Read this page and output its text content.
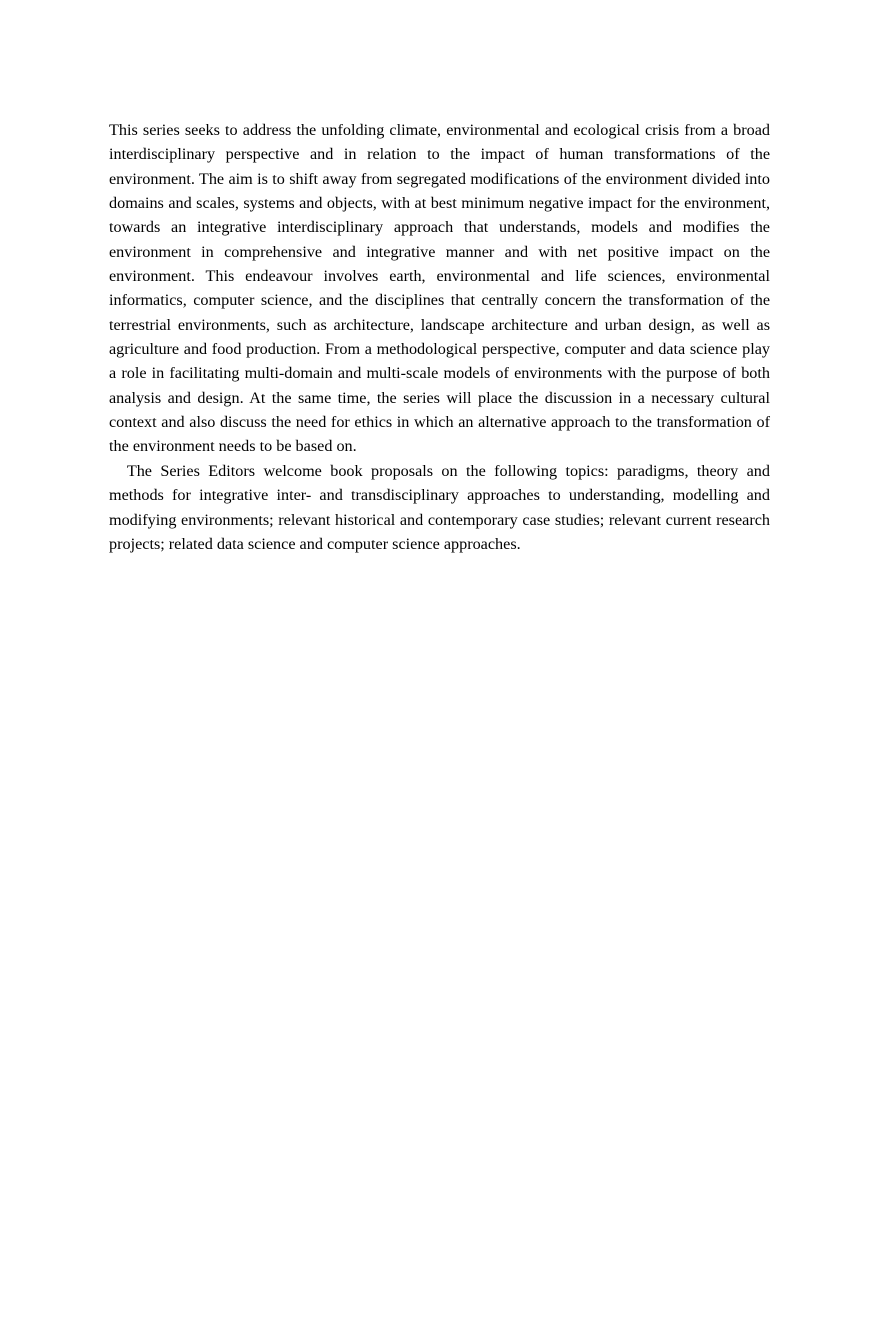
This series seeks to address the unfolding climate, environmental and ecological crisis from a broad interdisciplinary perspective and in relation to the impact of human transformations of the environment. The aim is to shift away from segregated modifications of the environment divided into domains and scales, systems and objects, with at best minimum negative impact for the environment, towards an integrative interdisciplinary approach that understands, models and modifies the environment in comprehensive and integrative manner and with net positive impact on the environment. This endeavour involves earth, environmental and life sciences, environmental informatics, computer science, and the disciplines that centrally concern the transformation of the terrestrial environments, such as architecture, landscape architecture and urban design, as well as agriculture and food production. From a methodological perspective, computer and data science play a role in facilitating multi-domain and multi-scale models of environments with the purpose of both analysis and design. At the same time, the series will place the discussion in a necessary cultural context and also discuss the need for ethics in which an alternative approach to the transformation of the environment needs to be based on.

The Series Editors welcome book proposals on the following topics: paradigms, theory and methods for integrative inter- and transdisciplinary approaches to understanding, modelling and modifying environments; relevant historical and contemporary case studies; relevant current research projects; related data science and computer science approaches.
